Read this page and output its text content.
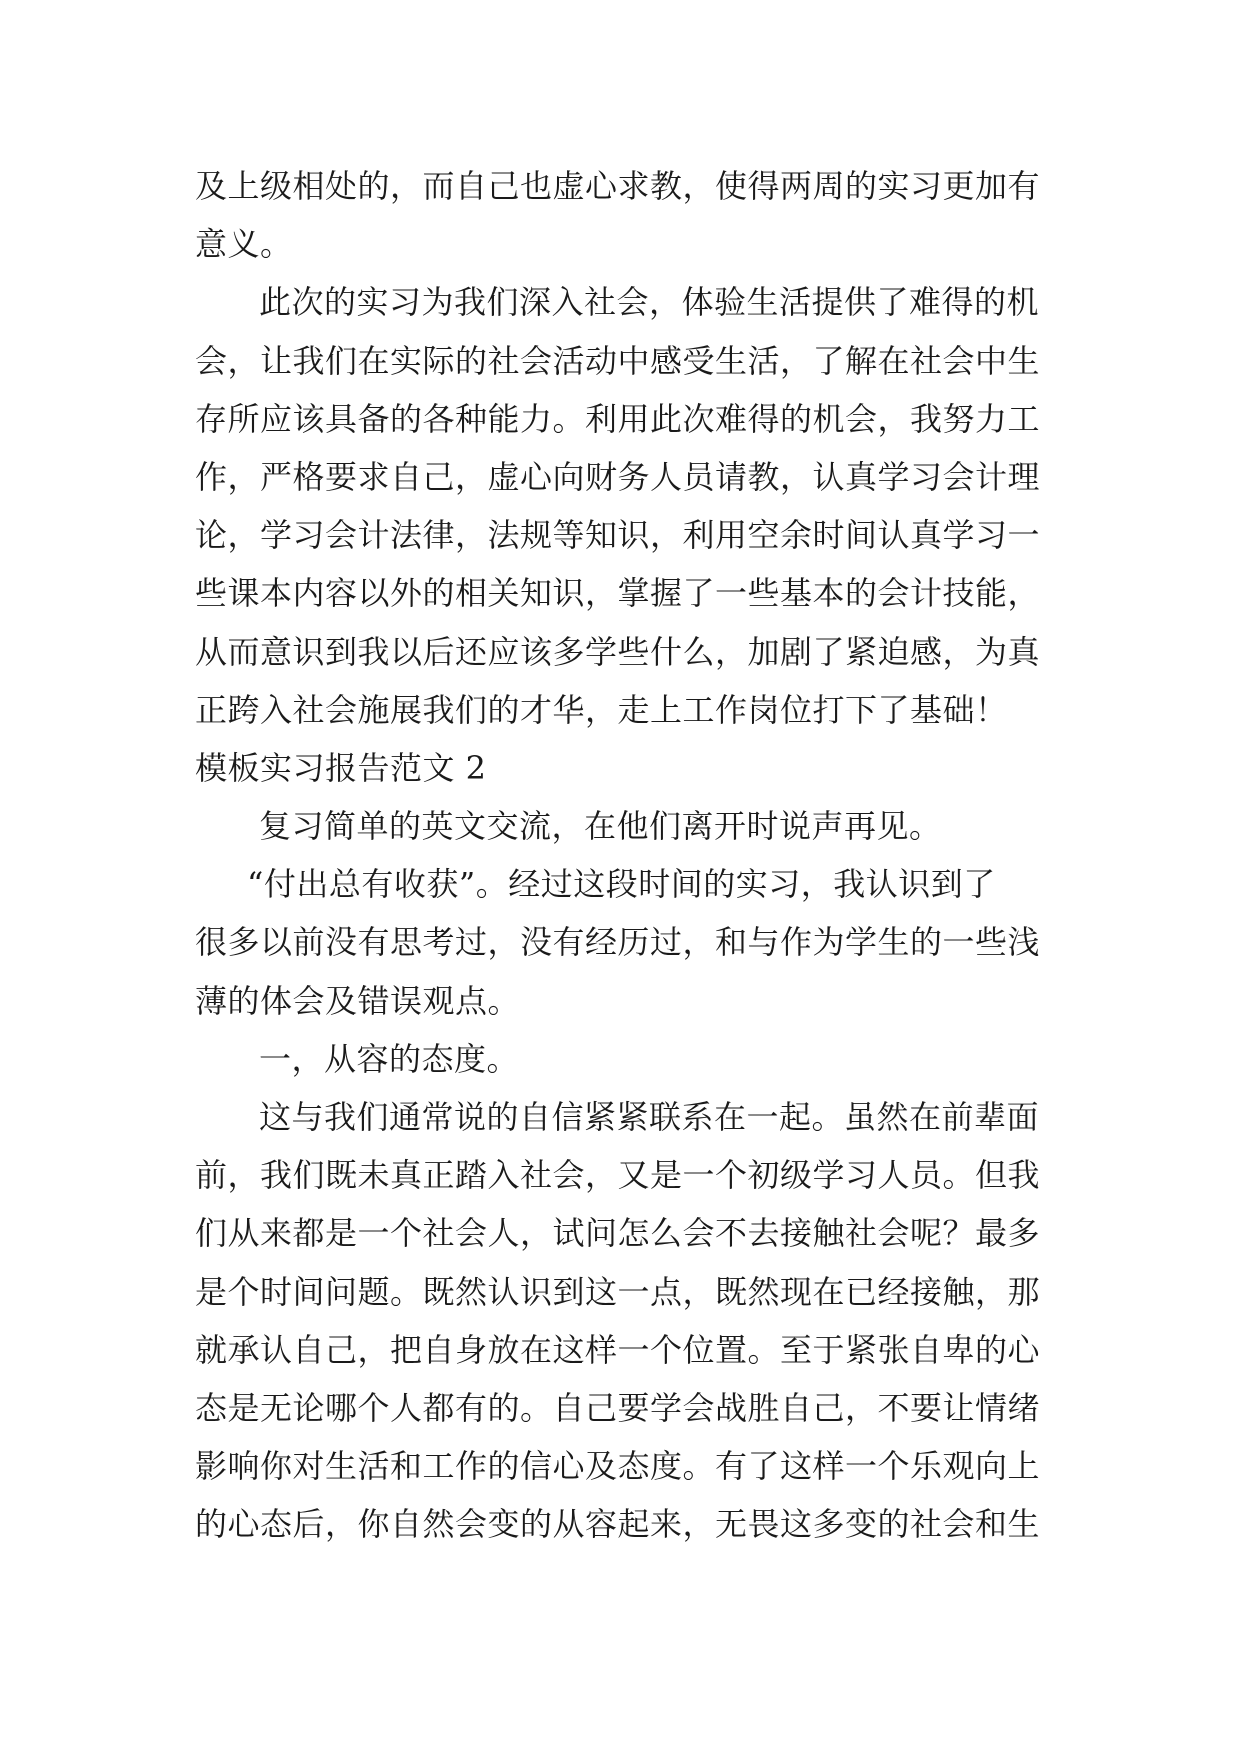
及上级相处的，而自己也虚心求教，使得两周的实习更加有
意义。
此次的实习为我们深入社会，体验生活提供了难得的机
会，让我们在实际的社会活动中感受生活，了解在社会中生
存所应该具备的各种能力。利用此次难得的机会，我努力工
作，严格要求自己，虚心向财务人员请教，认真学习会计理
论，学习会计法律，法规等知识，利用空余时间认真学习一
些课本内容以外的相关知识，掌握了一些基本的会计技能，
从而意识到我以后还应该多学些什么，加剧了紧迫感，为真
正跨入社会施展我们的才华，走上工作岗位打下了基础！
模板实习报告范文 2
复习简单的英文交流，在他们离开时说声再见。
“付出总有收获”。经过这段时间的实习，我认识到了
很多以前没有思考过，没有经历过，和与作为学生的一些浅
薄的体会及错误观点。
一，从容的态度。
这与我们通常说的自信紧紧联系在一起。虽然在前辈面
前，我们既未真正踏入社会，又是一个初级学习人员。但我
们从来都是一个社会人，试问怎么会不去接触社会呢？最多
是个时间问题。既然认识到这一点，既然现在已经接触，那
就承认自己，把自身放在这样一个位置。至于紧张自卑的心
态是无论哪个人都有的。自己要学会战胜自己，不要让情绪
影响你对生活和工作的信心及态度。有了这样一个乐观向上
的心态后，你自然会变的从容起来，无畏这多变的社会和生
